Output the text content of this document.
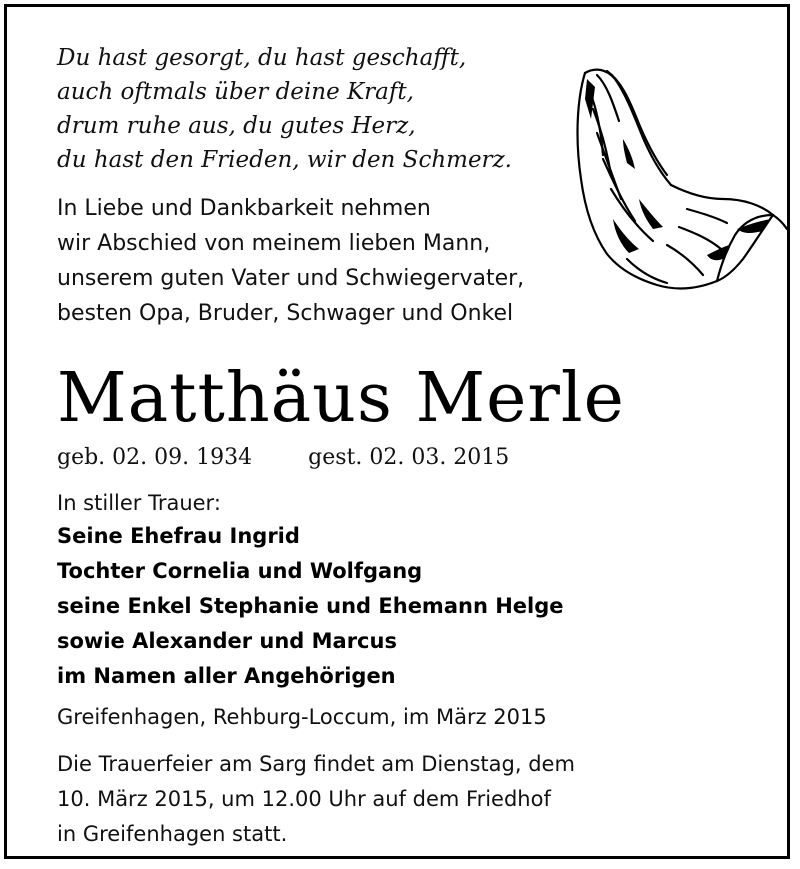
Du hast gesorgt, du hast geschafft,
auch oftmals über deine Kraft,
drum ruhe aus, du gutes Herz,
du hast den Frieden, wir den Schmerz.
In Liebe und Dankbarkeit nehmen
wir Abschied von meinem lieben Mann,
unserem guten Vater und Schwiegervater,
besten Opa, Bruder, Schwager und Onkel
Matthäus Merle
geb. 02. 09. 1934	gest. 02. 03. 2015
In stiller Trauer:
Seine Ehefrau Ingrid
Tochter Cornelia und Wolfgang
seine Enkel Stephanie und Ehemann Helge
sowie Alexander und Marcus
im Namen aller Angehörigen
Greifenhagen, Rehburg-Loccum, im März 2015
Die Trauerfeier am Sarg findet am Dienstag, dem
10. März 2015, um 12.00 Uhr auf dem Friedhof
in Greifenhagen statt.
